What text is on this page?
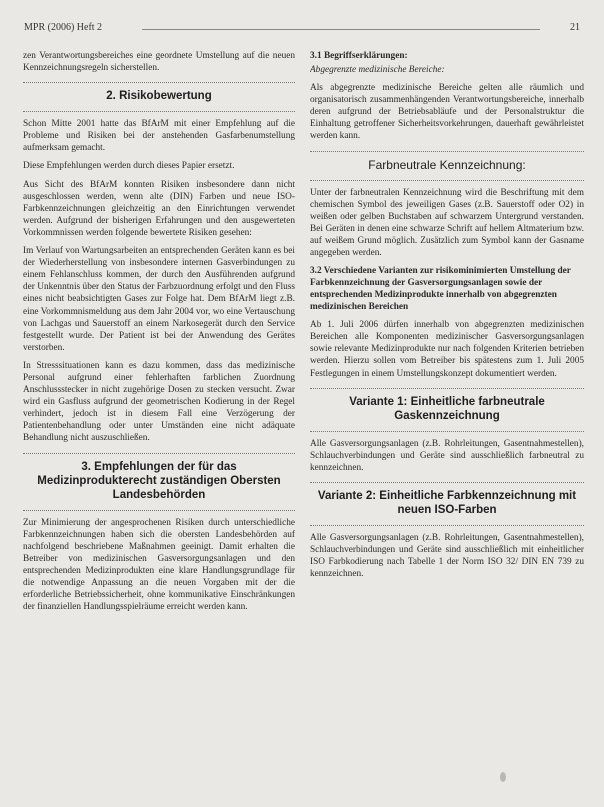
MPR (2006) Heft 2	21

zen Verantwortungsbereiches eine geordnete Umstellung auf die neuen Kennzeichnungsregeln sicherstellen.

2. Risikobewertung

Schon Mitte 2001 hatte das BfArM mit einer Empfehlung auf die Probleme und Risiken bei der anstehenden Gasfarbenumstellung aufmerksam gemacht.

Diese Empfehlungen werden durch dieses Papier ersetzt.

Aus Sicht des BfArM konnten Risiken insbesondere dann nicht ausgeschlossen werden, wenn alte (DIN) Farben und neue ISO-Farbkennzeichnungen gleichzeitig an den Einrichtungen verwendet werden. Aufgrund der bisherigen Erfahrungen und den ausgewerteten Vorkommnissen werden folgende bewertete Risiken gesehen:

Im Verlauf von Wartungsarbeiten an entsprechenden Geräten kann es bei der Wiederherstellung von insbesondere internen Gasverbindungen zu einem Fehlanschluss kommen, der durch den Ausführenden aufgrund der Unkenntnis über den Status der Farbzuordnung erfolgt und den Fluss eines nicht beabsichtigten Gases zur Folge hat. Dem BfArM liegt z.B. eine Vorkommnismeldung aus dem Jahr 2004 vor, wo eine Vertauschung von Lachgas und Sauerstoff an einem Narkosegerät durch den Service festgestellt wurde. Der Patient ist bei der Anwendung des Gerätes verstorben.

In Stresssituationen kann es dazu kommen, dass das medizinische Personal aufgrund einer fehlerhaften farblichen Zuordnung Anschlussstecker in nicht zugehörige Dosen zu stecken versucht. Zwar wird ein Gasfluss aufgrund der geometrischen Kodierung in der Regel verhindert, jedoch ist in diesem Fall eine Verzögerung der Patientenbehandlung oder unter Umständen eine nicht adäquate Behandlung nicht auszuschließen.

3. Empfehlungen der für das Medizinprodukterecht zuständigen Obersten Landesbehörden

Zur Minimierung der angesprochenen Risiken durch unterschiedliche Farbkennzeichnungen haben sich die obersten Landesbehörden auf nachfolgend beschriebene Maßnahmen geeinigt. Damit erhalten die Betreiber von medizinischen Gasversorgungsanlagen und den entsprechenden Medizinprodukten eine klare Handlungsgrundlage für die notwendige Anpassung an die neuen Vorgaben mit der die erforderliche Betriebssicherheit, ohne kommunikative Einschränkungen der finanziellen Handlungsspielräume erreicht werden kann.

3.1 Begriffserklärungen:
Abgegrenzte medizinische Bereiche:

Als abgegrenzte medizinische Bereiche gelten alle räumlich und organisatorisch zusammenhängenden Verantwortungsbereiche, innerhalb deren aufgrund der Betriebsabläufe und der Personalstruktur die Einhaltung getroffener Sicherheitsvorkehrungen, dauerhaft gewährleistet werden kann.

Farbneutrale Kennzeichnung:

Unter der farbneutralen Kennzeichnung wird die Beschriftung mit dem chemischen Symbol des jeweiligen Gases (z.B. Sauerstoff oder O2) in weißen oder gelben Buchstaben auf schwarzem Untergrund verstanden. Bei Geräten in denen eine schwarze Schrift auf hellem Altmaterium bzw. auf weißem Grund möglich. Zusätzlich zum Symbol kann der Gasname angegeben werden.

3.2 Verschiedene Varianten zur risikominimierten Umstellung der Farbkennzeichnung der Gasversorgungsanlagen sowie der entsprechenden Medizinprodukte innerhalb von abgegrenzten medizinischen Bereichen

Ab 1. Juli 2006 dürfen innerhalb von abgegrenzten medizinischen Bereichen alle Komponenten medizinischer Gasversorgungsanlagen sowie relevante Medizinprodukte nur nach folgenden Kriterien betrieben werden. Hierzu sollen vom Betreiber bis spätestens zum 1. Juli 2005 Festlegungen in einem Umstellungskonzept dokumentiert werden.

Variante 1: Einheitliche farbneutrale Gaskennzeichnung

Alle Gasversorgungsanlagen (z.B. Rohrleitungen, Gasentnahmestellen), Schlauchverbindungen und Geräte sind ausschließlich farbneutral zu kennzeichnen.

Variante 2: Einheitliche Farbkennzeichnung mit neuen ISO-Farben

Alle Gasversorgungsanlagen (z.B. Rohrleitungen, Gasentnahmestellen), Schlauchverbindungen und Geräte sind ausschließlich mit einheitlicher ISO Farbkodierung nach Tabelle 1 der Norm ISO 32/ DIN EN 739 zu kennzeichnen.
